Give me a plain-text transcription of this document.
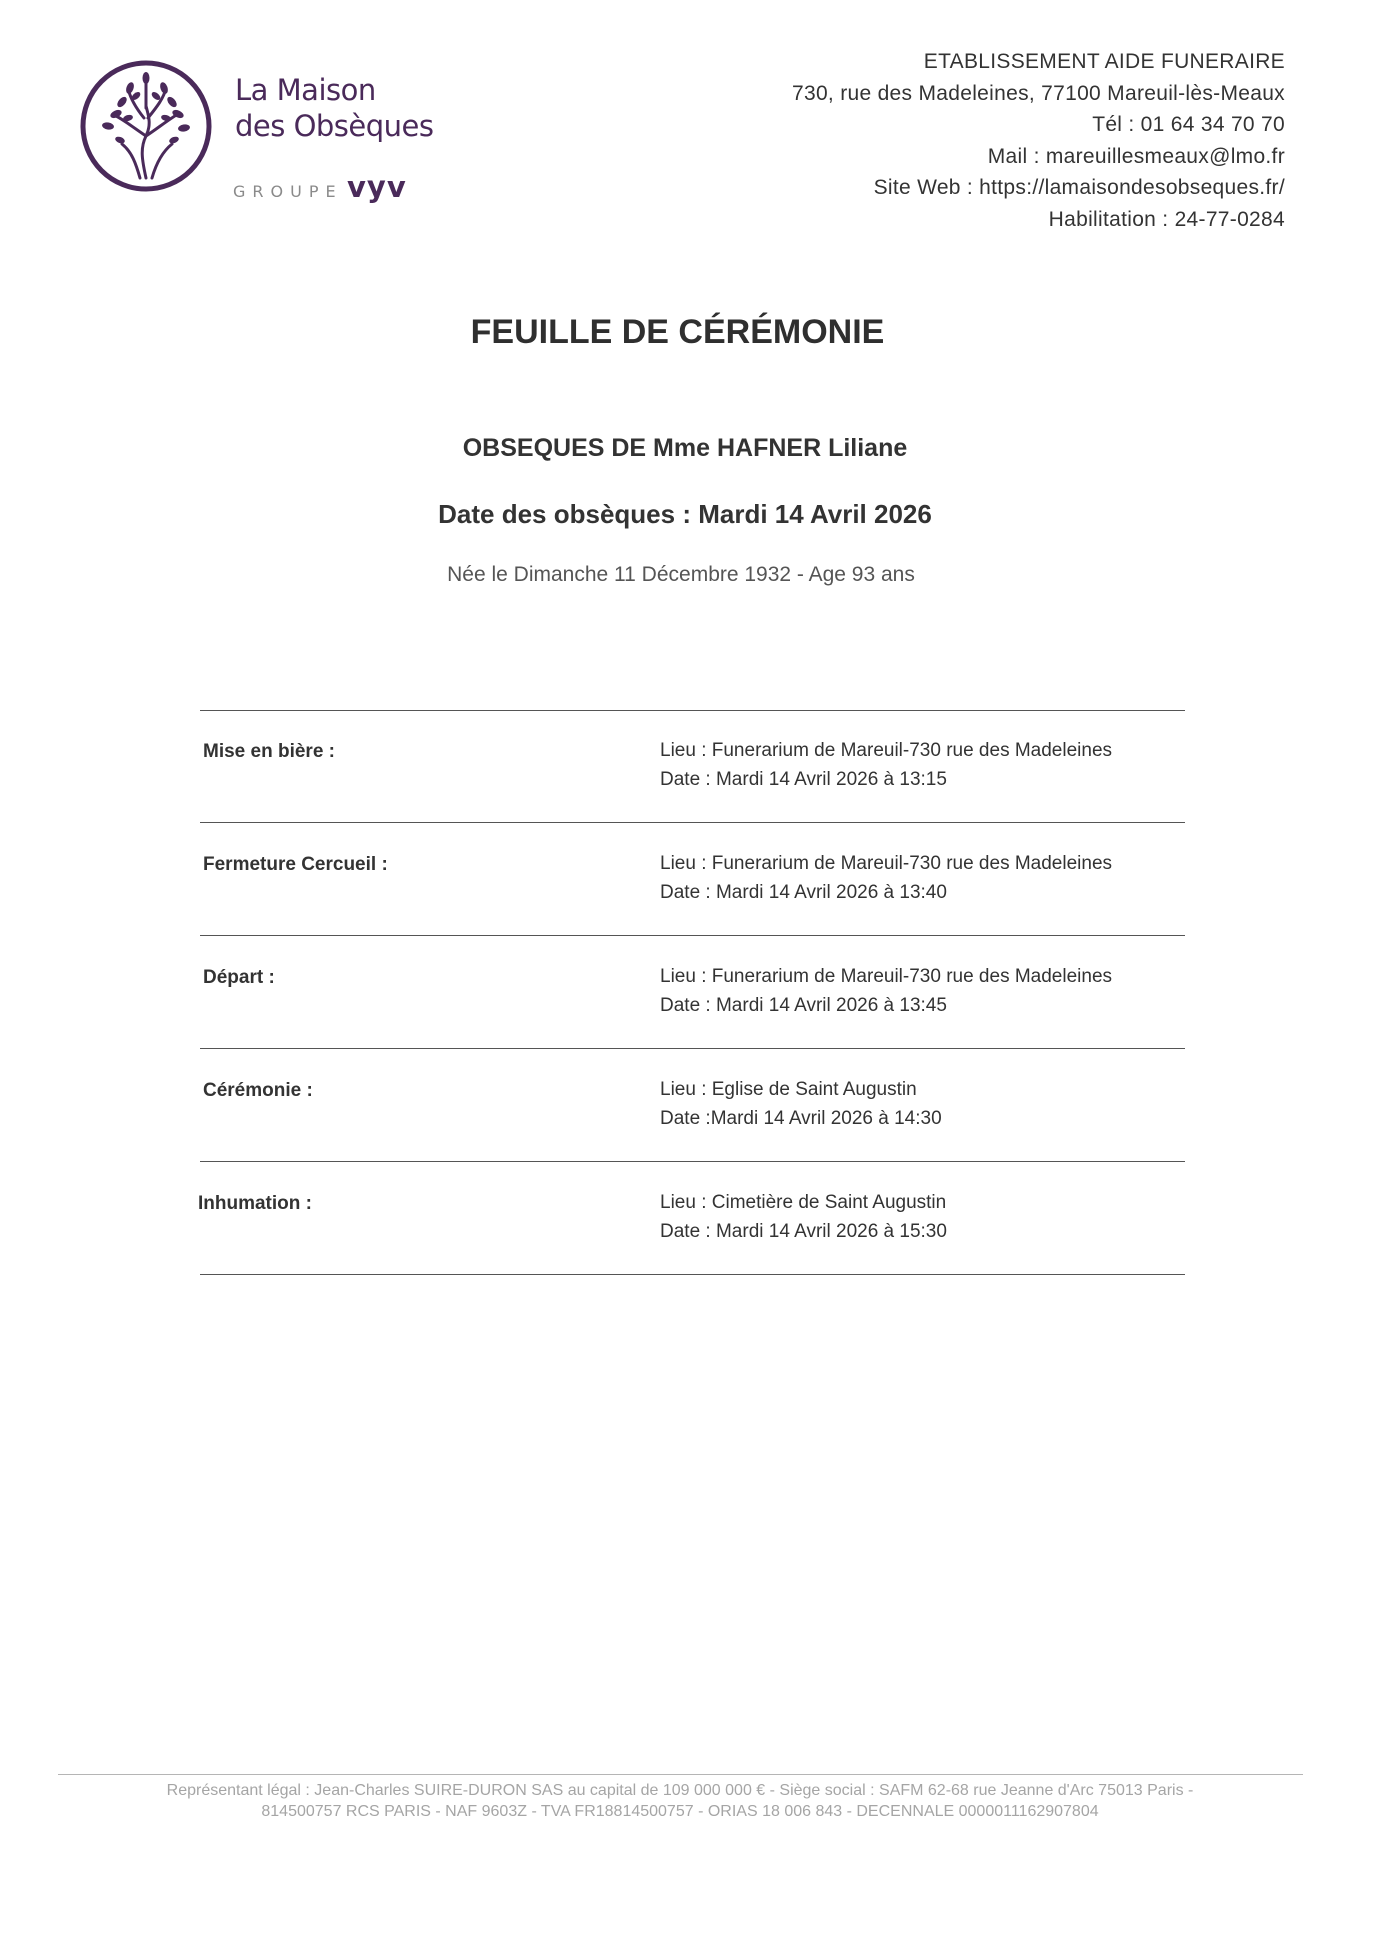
La Maison
des Obsèques
GROUPE vyv
ETABLISSEMENT AIDE FUNERAIRE
730, rue des Madeleines, 77100 Mareuil-lès-Meaux
Tél : 01 64 34 70 70
Mail : mareuillesmeaux@lmo.fr
Site Web : https://lamaisondesobseques.fr/
Habilitation : 24-77-0284
FEUILLE DE CÉRÉMONIE
OBSEQUES DE Mme HAFNER Liliane
Date des obsèques : Mardi 14 Avril 2026
Née le Dimanche 11 Décembre 1932 - Age 93 ans
Mise en bière :	Lieu : Funerarium de Mareuil-730 rue des Madeleines
Date : Mardi 14 Avril 2026 à 13:15
Fermeture Cercueil :	Lieu : Funerarium de Mareuil-730 rue des Madeleines
Date : Mardi 14 Avril 2026 à 13:40
Départ :	Lieu : Funerarium de Mareuil-730 rue des Madeleines
Date : Mardi 14 Avril 2026 à 13:45
Cérémonie :	Lieu : Eglise de Saint Augustin
Date :Mardi 14 Avril 2026 à 14:30
Inhumation :	Lieu : Cimetière de Saint Augustin
Date : Mardi 14 Avril 2026 à 15:30
Représentant légal : Jean-Charles SUIRE-DURON SAS au capital de 109 000 000 € - Siège social : SAFM 62-68 rue Jeanne d'Arc 75013 Paris -
814500757 RCS PARIS - NAF 9603Z - TVA FR18814500757 - ORIAS 18 006 843 - DECENNALE 0000011162907804
